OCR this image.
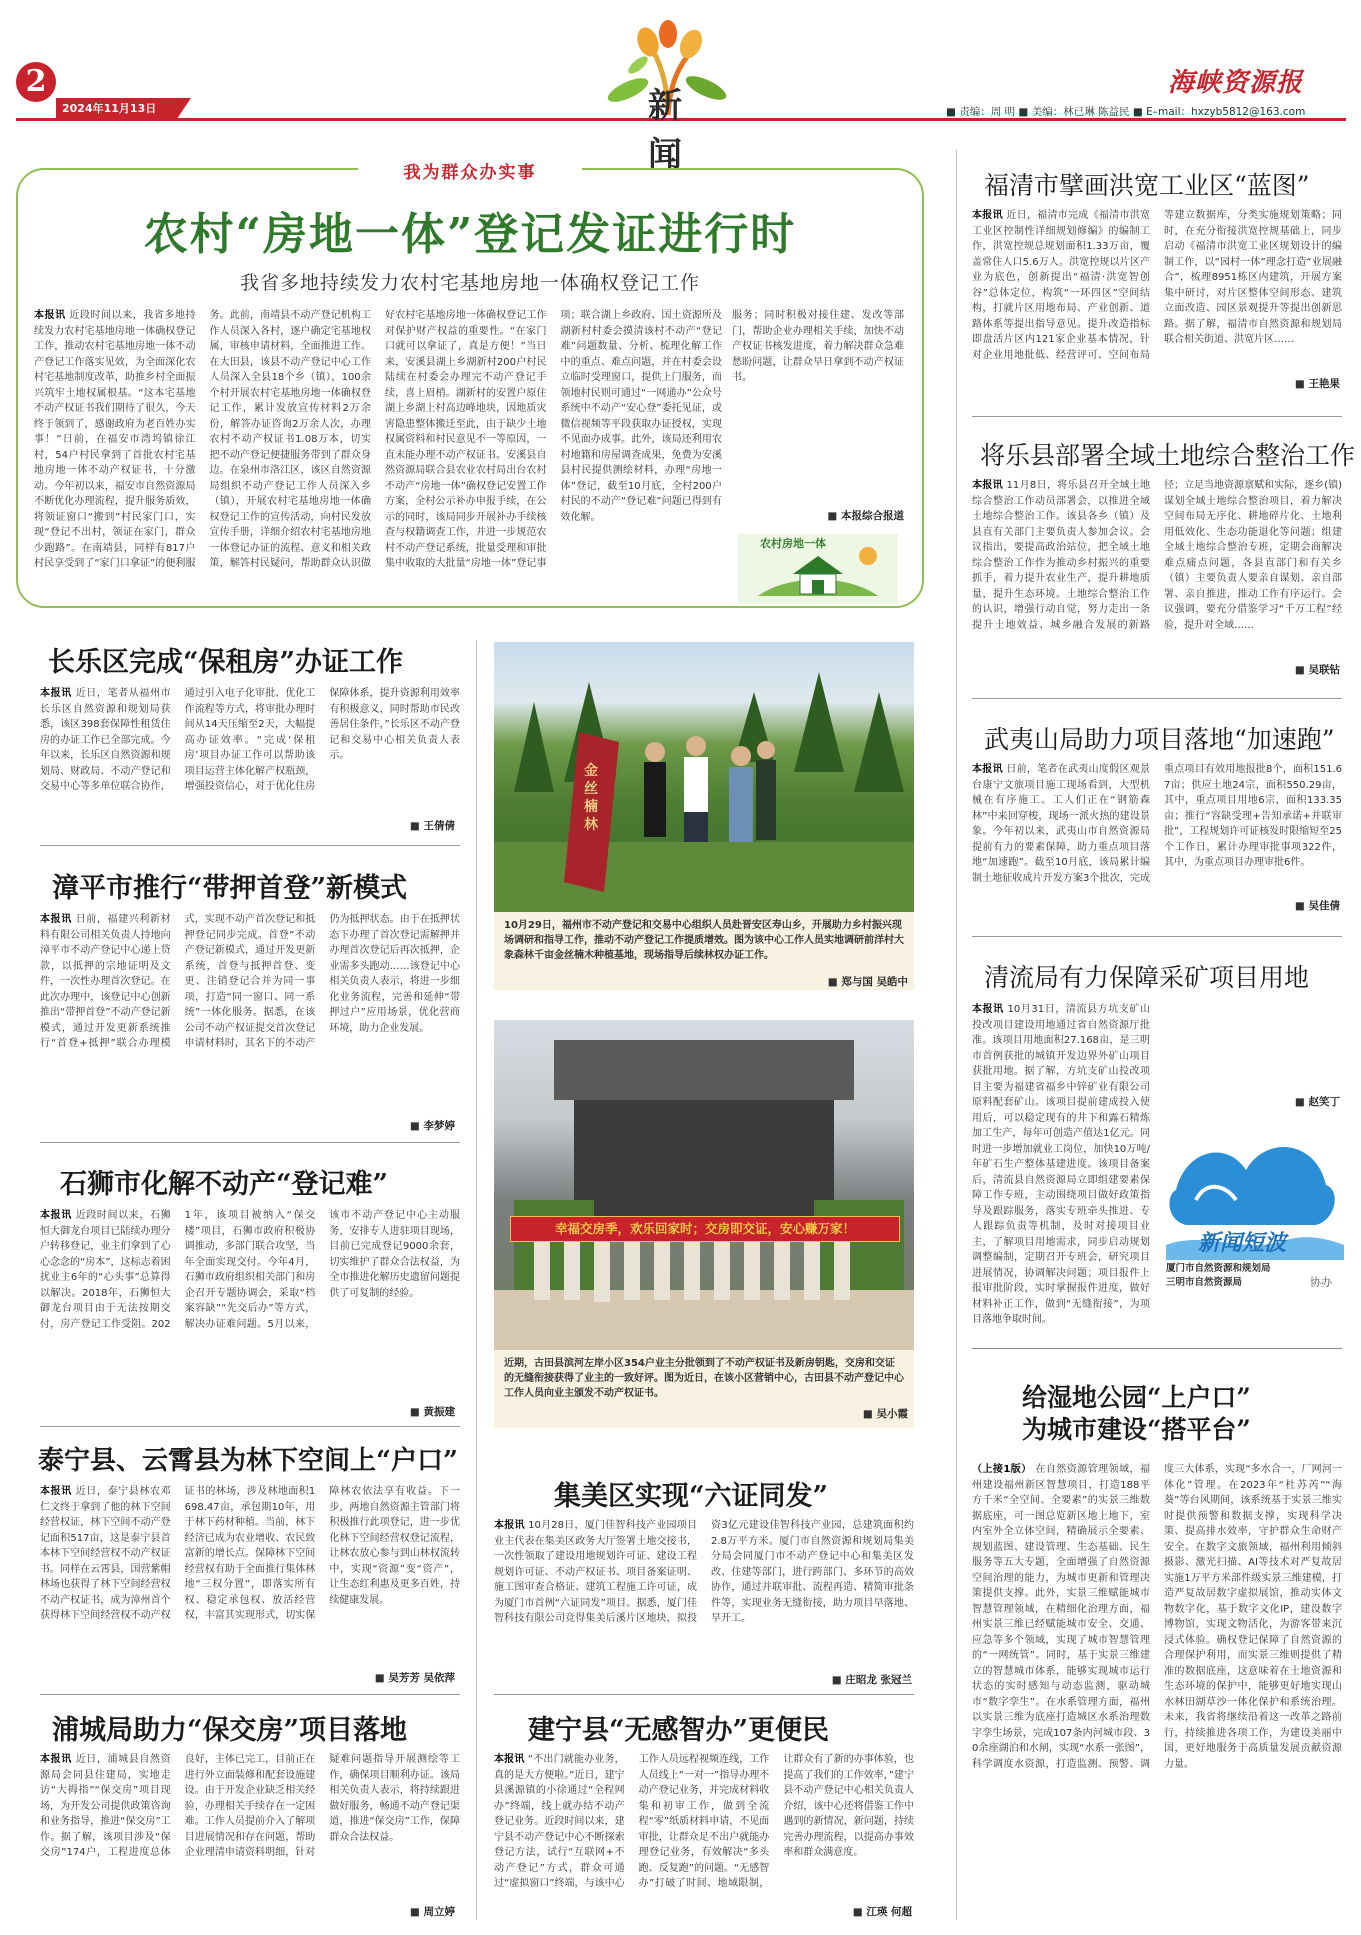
2
2024年11月13日	新闻
海峡资源报
■ 责编：周 明 ■ 美编：林已琳 陈益民 ■ E–mail：hxzyb5812@163.com
我为群众办实事
农村“房地一体”登记发证进行时
我省多地持续发力农村宅基地房地一体确权登记工作
本报讯 近段时间以来，我省多地持续发力农村宅基地房地一体确权登记工作，推动农村宅基地房地一体不动产登记工作落实见效，为全面深化农村宅基地制度改革，助推乡村全面振兴筑牢土地权属根基。“这本宅基地不动产权证书我们期待了很久，今天终于领到了，感谢政府为老百姓办实事！”日前，在福安市湾坞镇徐江村，54户村民拿到了首批农村宅基地房地一体不动产权证书，十分激动。今年初以来，福安市自然资源局不断优化办理流程，提升服务质效，将领证窗口“搬到”村民家门口，实现“登记不出村，领证在家门，群众少跑路”。在南靖县，同样有817户村民享受到了“家门口拿证”的便利服务。此前，南靖县不动产登记机构工作人员深入各村，逐户确定宅基地权属，审核申请材料，全面推进工作。在大田县，该县不动产登记中心工作人员深入全县18个乡（镇），100余个村开展农村宅基地房地一体确权登记工作，累计发放宣传材料2万余份，解答办证咨询2万余人次，办理农村不动产权证书1.08万本，切实把不动产登记便捷服务带到了群众身边。在泉州市洛江区，该区自然资源局组织不动产登记工作人员深入乡（镇），开展农村宅基地房地一体确权登记工作的宣传活动，向村民发放宣传手册，详细介绍农村宅基地房地一体登记办证的流程、意义和相关政策，解答村民疑问，帮助群众认识做好农村宅基地房地一体确权登记工作对保护财产权益的重要性。“在家门口就可以拿证了，真是方便！”当日来，安溪县湖上乡湖新村200户村民陆续在村委会办理完不动产登记手续，喜上眉梢。湖新村的安置户原住湖上乡湖上村高边峰地块，因地质灾害隐患整体搬迁至此，由于缺少土地权属资料和村民意见不一等原因，一直未能办理不动产权证书。安溪县自然资源局联合县农业农村局出台农村不动产“房地一体”确权登记安置工作方案，全村公示补办申报手续，在公示的同时，该局同步开展补办手续核查与权籍调查工作，并进一步规范农村不动产登记系统，批量受理和审批集中收取的大批量“房地一体”登记事项；联合湖上乡政府、国土资源所及湖新村村委会摸清该村不动产“登记难”问题数量、分析、梳理化解工作中的重点、难点问题，并在村委会设立临时受理窗口，提供上门服务，而领地村民则可通过“一网通办”公众号系统中不动产“安心登”委托见证，或微信视频等平段获取办证授权，实现不见面办成事。此外，该局还利用农村地籍和房屋调查成果，免费为安溪县村民提供测绘材料，办理“房地一体”登记，截至10月底，全村200户村民的不动产“登记难”问题已得到有效化解。
服务；同时积极对接住建、发改等部门，帮助企业办理相关手续，加快不动产权证书核发进度，着力解决群众急难愁盼问题，让群众早日拿到不动产权证书。
■ 本报综合报道
农村房地一体
长乐区完成“保租房”办证工作
本报讯 近日，笔者从福州市长乐区自然资源和规划局获悉，该区398套保障性租赁住房的办证工作已全部完成。今年以来，长乐区自然资源和规划局、财政局、不动产登记和交易中心等多单位联合协作，通过引入电子化审批、优化工作流程等方式，将审批办理时间从14天压缩至2天，大幅提高办证效率。“完成‘保租房’项目办证工作可以帮助该项目运营主体化解产权瓶颈，增强投资信心，对于优化住房保障体系，提升资源利用效率有积极意义，同时帮助市民改善居住条件，”长乐区不动产登记和交易中心相关负责人表示。
■ 王倩倩
漳平市推行“带押首登”新模式
本报讯 日前，福建兴利新材料有限公司相关负责人持地向漳平市不动产登记中心递上贷款，以抵押的宗地证明及文件，一次性办理首次登记。在此次办理中，该登记中心创新推出“带押首登”不动产登记新模式，通过开发更新系统推行“首登+抵押”联合办理模式，实现不动产首次登记和抵押登记同步完成。首登”不动产登记新模式，通过开发更新系统，首登与抵押首登、变更、注销登记合并为同一事项，打造“同一窗口、同一系统”一体化服务。据悉，在该公司不动产权证提交首次登记申请材料时，其名下的不动产仍为抵押状态。由于在抵押状态下办理了首次登记需解押并办理首次登记后再次抵押，企业需多头跑动……该登记中心相关负责人表示，将进一步细化业务流程，完善和延伸“带押过户”应用场景，优化营商环境，助力企业发展。
■ 李梦婷
石狮市化解不动产“登记难”
本报讯 近段时间以来，石狮恒大御龙台项目已陆续办理分户转移登记，业主们拿到了心心念念的“房本”，这标志着困扰业主6年的“心头事”总算得以解决。2018年，石狮恒大御龙台项目由于无法按期交付，房产登记工作受阻。2021年，该项目被纳入“保交楼”项目，石狮市政府积极协调推动，多部门联合攻坚，当年全面实现交付。今年4月，石狮市政府组织相关部门和房企召开专题协调会，采取“档案容缺”“先交后办”等方式，解决办证难问题。5月以来，该市不动产登记中心主动服务，安排专人进驻项目现场，目前已完成登记9000余套，切实维护了群众合法权益，为全市推进化解历史遗留问题提供了可复制的经验。
■ 黄振建
泰宁县、云霄县为林下空间上“户口”
本报讯 近日，泰宁县林农邓仁文终于拿到了他的林下空间经营权证，林下空间不动产登记面积517亩，这是泰宁县首本林下空间经营权不动产权证书。同样在云霄县，国营紫帽林场也获得了林下空间经营权不动产权证书，成为漳州首个获得林下空间经营权不动产权证书的林场，涉及林地面积1698.47亩，承包期10年，用于林下药材种植。当前，林下经济已成为农业增收、农民致富新的增长点。保障林下空间经营权有助于全面推行集体林地“三权分置”，即落实所有权、稳定承包权、放活经营权，丰富其实现形式，切实保障林农依法享有收益。下一步，两地自然资源主管部门将积极推行此项登记，进一步优化林下空间经营权登记流程，让林农放心参与到山林权流转中，实现“资源”变“资产”，让生态红利惠及更多百姓，持续健康发展。
■ 吴芳芳 吴依萍
浦城局助力“保交房”项目落地
本报讯 近日，浦城县自然资源局会同县住建局，实地走访“大拇指”“保交房”项目现场，为开发公司提供政策咨询和业务指导，推进“保交房”工作。据了解，该项目涉及“保交房”174户，工程进度总体良好，主体已完工，目前正在进行外立面装修和配套设施建设。由于开发企业缺乏相关经验，办理相关手续存在一定困难。工作人员提前介入了解项目进展情况和存在问题，帮助企业理清申请资料明细，针对疑难问题指导开展测绘等工作，确保项目顺利办证。该局相关负责人表示，将持续跟进做好服务，畅通不动产登记渠道，推进“保交房”工作，保障群众合法权益。
■ 周立婷
金丝楠林
10月29日，福州市不动产登记和交易中心组织人员赴晋安区寿山乡，开展助力乡村振兴现场调研和指导工作，推动不动产登记工作提质增效。图为该中心工作人员实地调研前洋村大象森林千亩金丝楠木种植基地，现场指导后续林权办证工作。
■ 郑与国 吴皓中
幸福交房季，欢乐回家时；交房即交证，安心赚万家！
近期，古田县滨河左岸小区354户业主分批领到了不动产权证书及新房钥匙，交房和交证的无缝衔接获得了业主的一致好评。图为近日，在该小区营销中心，古田县不动产登记中心工作人员向业主颁发不动产权证书。
■ 吴小霞
集美区实现“六证同发”
本报讯 10月28日，厦门佳智科技产业园项目业主代表在集美区政务大厅签署土地交接书，一次性领取了建设用地规划许可证、建设工程规划许可证、不动产权证书、项目备案证明、施工图审查合格证、建筑工程施工许可证，成为厦门市首例“六证同发”项目。据悉，厦门佳智科技有限公司竞得集美后溪片区地块，拟投资3亿元建设佳智科技产业园，总建筑面积约2.8万平方米。厦门市自然资源和规划局集美分局会同厦门市不动产登记中心和集美区发改、住建等部门，进行跨部门、多环节的高效协作，通过并联审批、流程再造、精简审批条件等，实现业务无缝衔接，助力项目早落地、早开工。
■ 庄昭龙 张冠兰
建宁县“无感智办”更便民
本报讯 “不出门就能办业务，真的是大方便啦。”近日，建宁县溪源镇的小徐通过“全程网办”终端，线上就办结不动产登记业务。近段时间以来，建宁县不动产登记中心不断探索登记方法，试行“互联网+不动产登记”方式，群众可通过“虚拟窗口”终端，与该中心工作人员远程视频连线，工作人员线上“一对一”指导办理不动产登记业务，并完成材料收集和初审工作，做到全流程“零”纸质材料申请，不见面审批，让群众足不出户就能办理登记业务，有效解决“多头跑、反复跑”的问题。“无感智办”打破了时间、地域限制，让群众有了新的办事体验，也提高了我们的工作效率，”建宁县不动产登记中心相关负责人介绍，该中心还将借鉴工作中遇到的新情况，新问题，持续完善办理流程，以提高办事效率和群众满意度。
■ 江瑛 何超
福清市擘画洪宽工业区“蓝图”
本报讯 近日，福清市完成《福清市洪宽工业区控制性详细规划修编》的编制工作，洪宽控规总规划面积1.33万亩，覆盖常住人口5.6万人。洪宽控规以片区产业为底色，创新提出“福清·洪宽智创谷”总体定位，构筑“一环四区”空间结构，打就片区用地布局、产业创新、道路体系等提出指导意见。提升改造指标即盘活片区内121家企业基本情况，针对企业用地批低、经营评可、空间布局等建立数据库，分类实施规划策略；同时，在充分衔接洪宽控规基础上，同步启动《福清市洪宽工业区规划设计的编制工作，以“园村一体”理念打造“业展融合”，梳理8951栋区内建筑，开展方案集中研讨，对片区整体空间形态、建筑立面改造、园区景观提升等提出创新思路。据了解，福清市自然资源和规划局联合相关街道、洪宽片区……
■ 王艳果
将乐县部署全域土地综合整治工作
本报讯 11月8日，将乐县召开全域土地综合整治工作动员部署会，以推进全域土地综合整治工作。该县各乡（镇）及县直有关部门主要负责人参加会议。会议指出，要提高政治站位，把全域土地综合整治工作作为推动乡村振兴的重要抓手，着力提升农业生产，提升耕地质量，提升生态环境。土地综合整治工作的认识，增强行动自觉，努力走出一条提升土地效益、城乡融合发展的新路径；立足当地资源禀赋和实际，逐乡(镇)谋划全域土地综合整治项目，着力解决空间布局无序化、耕地碎片化、土地利用低效化、生态功能退化等问题；组建全域土地综合整治专班，定期会商解决难点痛点问题，各县直部门和有关乡（镇）主要负责人要亲自谋划、亲自部署、亲自推进，推动工作有序运行。会议强调，要充分借鉴学习“千万工程”经验，提升对全域……
■ 吴联钻
武夷山局助力项目落地“加速跑”
本报讯 日前，笔者在武夷山度假区观景台康宁文旅项目施工现场看到，大型机械在有序施工。工人们正在“钢筋森林”中来回穿梭，现场一派火热的建设景象。今年初以来，武夷山市自然资源局提前有力的要素保障，助力重点项目落地“加速跑”。截至10月底，该局累计编制土地征收成片开发方案3个批次，完成重点项目有效用地报批8个，面积151.67亩；供应土地24宗，面积550.29亩，其中，重点项目用地6宗，面积133.35亩；推行“容缺受理+告知承诺+并联审批”，工程规划许可证核发时限缩短至25个工作日，累计办理审批事项322件，其中，为重点项目办理审批6件。
■ 吴佳倩
清流局有力保障采矿项目用地
本报讯 10月31日，清流县方坑支矿山投改项目建设用地通过省自然资源厅批准。该项目用地面积27.168亩，是三明市首例获批的城镇开发边界外矿山项目获批用地。据了解，方坑支矿山投改项目主要为福建省福乡中锌矿业有限公司原料配套矿山。该项目提前建成投入使用后，可以稳定现有的井下和露石精炼加工生产，每年可创造产值达1亿元。同时进一步增加就业工岗位，加快10万吨/年矿石生产整体基建进度。该项目备案后，清流县自然资源局立即组建要素保障工作专班，主动围绕项目做好政策指导及跟踪服务，落实专班牵头推进、专人跟踪负责等机制，及时对接项目业主，了解项目用地需求，同步启动规划调整编制，定期召开专班会，研究项目进展情况，协调解决问题；项目报件上报审批阶段，实时掌握报件进度，做好材料补正工作，做到“无缝衔接”，为项目落地争取时间。
■ 赵笑丁
新闻短波
厦门市自然资源和规划局
三明市自然资源局	协办
给湿地公园“上户口”
为城市建设“搭平台”
（上接1版） 在自然资源管理领域，福州建设福州新区智慧项目，打造188平方千米“全空间、全要素”的实景三维数据底座，可一图总览新区地上地下，室内室外全立体空间，精确展示全要素、规划蓝图、建设管理、生态基础、民生服务等五大专题，全面增强了自然资源空间治理的能力，为城市更新和管理决策提供支撑。此外，实景三维赋能城市智慧管理领域，在精细化治理方面，福州实景三维已经赋能城市安全、交通、应急等多个领域，实现了城市智慧管理的“一网统管”。同时，基于实景三维建立的智慧城市体系，能够实现城市运行状态的实时感知与动态监测，驱动城市“数字孪生”。在水系管理方面，福州以实景三维为底座打造城区水系治理数字孪生场景，完成107条内河城市段、30余座湖泊和水闸，实现“水系一张图”，科学调度水资源，打造监测、预警、调度三大体系，实现“多水合一，厂网河一体化”管理。在2023年“杜苏芮”“海葵”等台风期间，该系统基于实景三维实时提供预警和数据支撑，实现科学决策、提高排水效率，守护群众生命财产安全。在数字文旅领域，福州利用倾斜摄影、激光扫描、AI等技术对严复故居实施1万平方米部件级实景三维建模，打造严复故居数字虚拟展馆，推动实体文物数字化，基于数字文化IP，建设数字博物馆，实现文物活化，为游客带来沉浸式体验。确权登记保障了自然资源的合理保护利用，而实景三维则提供了精准的数据底座，这意味着在土地资源和生态环境的保护中，能够更好地实现山水林田湖草沙一体化保护和系统治理。未来，我省将继续沿着这一改革之路前行，持续推进各项工作，为建设美丽中国，更好地服务于高质量发展贡献资源力量。
